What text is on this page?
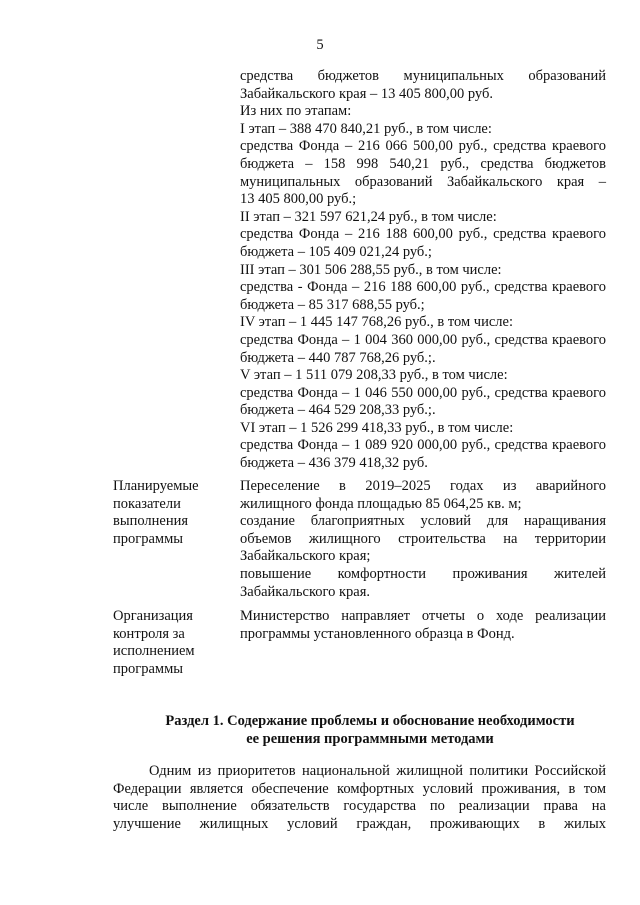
5
средства бюджетов муниципальных образований
Забайкальского края – 13 405 800,00 руб.
Из них по этапам:
I этап – 388 470 840,21 руб., в том числе:
средства Фонда – 216 066 500,00 руб., средства краевого
бюджета – 158 998 540,21 руб., средства бюджетов
муниципальных образований Забайкальского края –
13 405 800,00 руб.;
II этап – 321 597 621,24 руб., в том числе:
средства Фонда – 216 188 600,00 руб., средства краевого
бюджета – 105 409 021,24 руб.;
III этап – 301 506 288,55 руб., в том числе:
средства - Фонда – 216 188 600,00 руб., средства краевого
бюджета – 85 317 688,55 руб.;
IV этап – 1 445 147 768,26 руб., в том числе:
средства Фонда – 1 004 360 000,00 руб., средства краевого
бюджета – 440 787 768,26 руб.;.
V этап – 1 511 079 208,33 руб., в том числе:
средства Фонда – 1 046 550 000,00 руб., средства краевого
бюджета – 464 529 208,33 руб.;.
VI этап – 1 526 299 418,33 руб., в том числе:
средства Фонда – 1 089 920 000,00 руб., средства краевого
бюджета – 436 379 418,32 руб.
Планируемые
показатели
выполнения
программы
Переселение в 2019–2025 годах из аварийного
жилищного фонда площадью 85 064,25 кв. м;
создание благоприятных условий для наращивания
объемов жилищного строительства на территории
Забайкальского края;
повышение комфортности проживания жителей
Забайкальского края.
Организация
контроля за
исполнением
программы
Министерство направляет отчеты о ходе реализации
программы установленного образца в Фонд.
Раздел 1. Содержание проблемы и обоснование необходимости
ее решения программными методами
Одним из приоритетов национальной жилищной политики Российской
Федерации является обеспечение комфортных условий проживания, в том
числе выполнение обязательств государства по реализации права на
улучшение жилищных условий граждан, проживающих в жилых
